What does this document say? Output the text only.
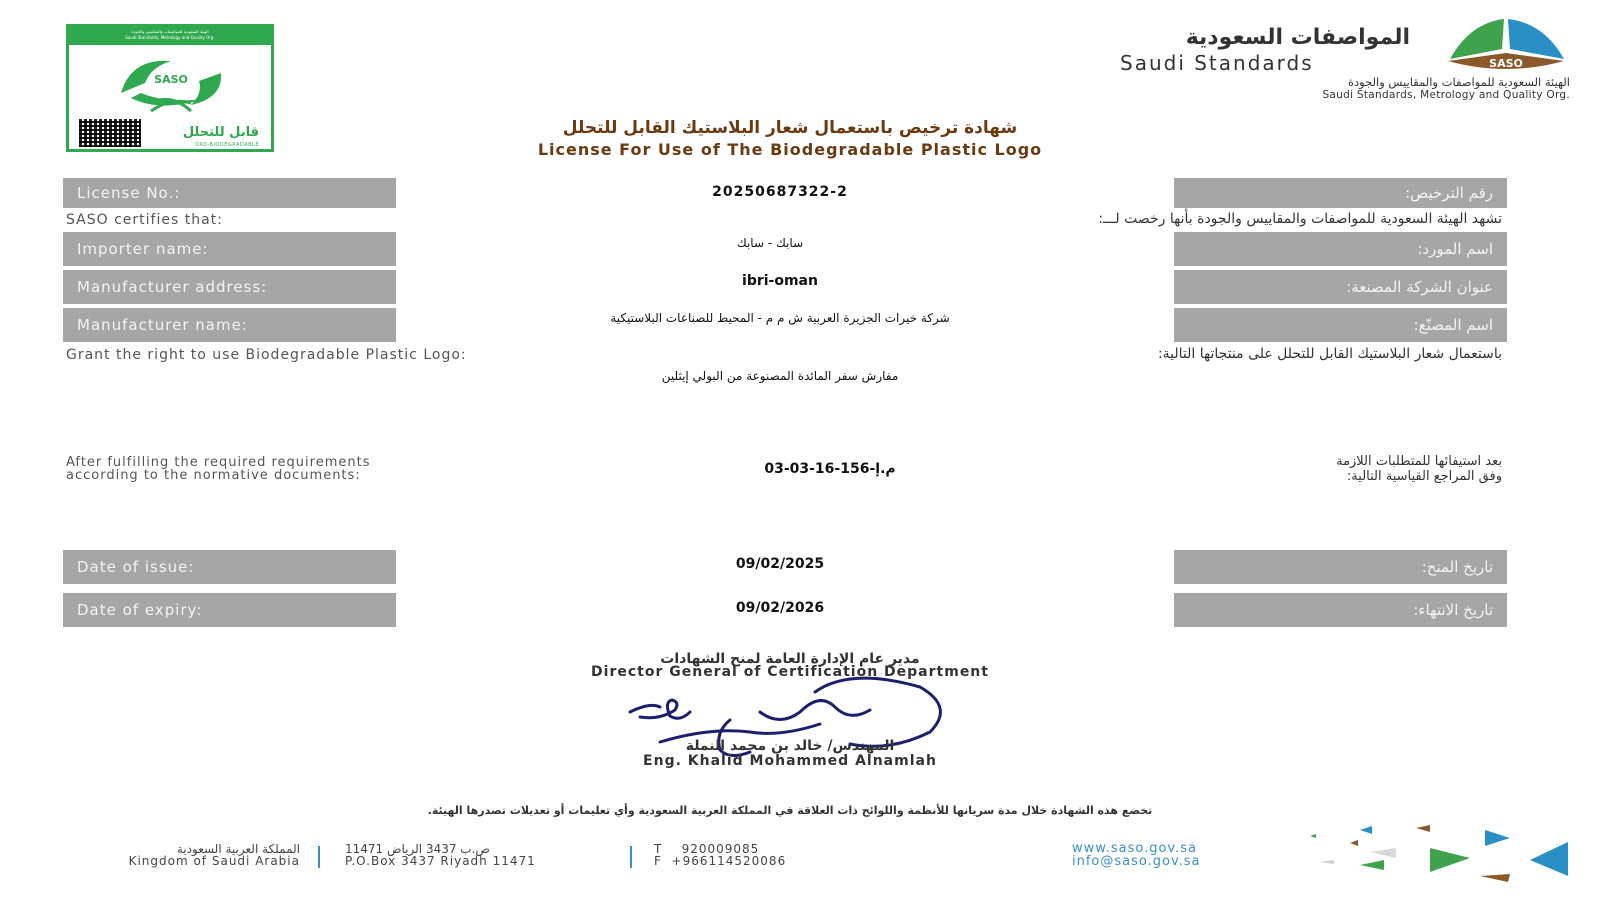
الهيئة السعودية للمواصفات والمقاييس والجودة
Saudi Standards, Metrology and Quality Org.
SASO
قابل للتحلل
OXO-BIODEGRADABLE
المواصفات السعودية
Saudi Standards	SASO
الهيئة السعودية للمواصفات والمقاييس والجودة
Saudi Standards, Metrology and Quality Org.
شهادة ترخيص باستعمال شعار البلاستيك القابل للتحلل
License For Use of The Biodegradable Plastic Logo
License No.:	20250687322-2	رقم الترخيص:
SASO certifies that:	تشهد الهيئة السعودية للمواصفات والمقاييس والجودة بأنها رخصت لـــ:
Importer name:	سابك - سابك	اسم المورد:
Manufacturer address:	ibri-oman	عنوان الشركة المصنعة:
Manufacturer name:	شركة خيرات الجزيرة العربية ش م م - المحيط للصناعات البلاستيكية	اسم المصنّع:
Grant the right to use Biodegradable Plastic Logo:	باستعمال شعار البلاستيك القابل للتحلل على منتجاتها التالية:
مفارش سفر المائدة المصنوعة من البولي إيثلين
After fulfilling the required requirements
according to the normative documents:	م.إ-156-16-03-03	بعد استيفائها للمتطلبات اللازمة
وفق المراجع القياسية التالية:
Date of issue:	09/02/2025	تاريخ المنح:
Date of expiry:	09/02/2026	تاريخ الانتهاء:
مدير عام الإدارة العامة لمنح الشهادات
Director General of Certification Department
المهندس/ خالد بن محمد النملة
Eng. Khalid Mohammed Alnamlah
تخضع هذه الشهادة خلال مدة سريانها للأنظمة واللوائح ذات العلاقة في المملكة العربية السعودية وأي تعليمات أو تعديلات تصدرها الهيئة.
المملكة العربية السعودية
Kingdom of Saudi Arabia
ص.ب 3437 الرياض 11471
P.O.Box 3437 Riyadh 11471
T    920009085
F  +966114520086
www.saso.gov.sa
info@saso.gov.sa
